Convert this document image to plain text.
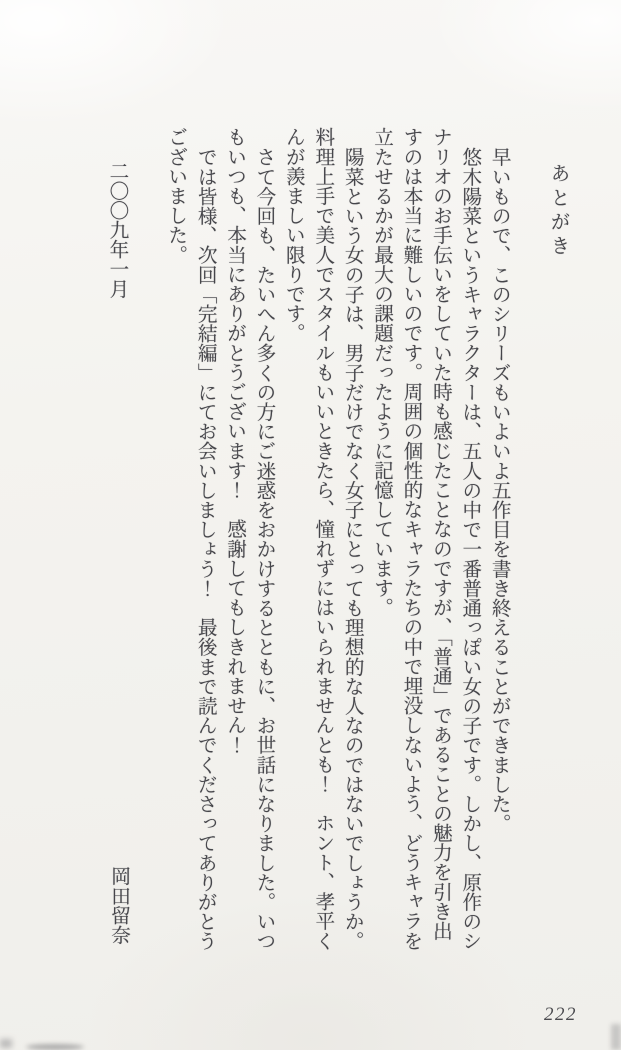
あとがき

早いもので、このシリーズもいよいよ五作目を書き終えることができました。

悠木陽菜というキャラクターは、五人の中で一番普通っぽい女の子です。しかし、原作のシナリオのお手伝いをしていた時も感じたことなのですが、「普通」であることの魅力を引き出すのは本当に難しいのです。周囲の個性的なキャラたちの中で埋没しないよう、どうキャラを立たせるかが最大の課題だったように記憶しています。

陽菜という女の子は、男子だけでなく女子にとっても理想的な人なのではないでしょうか。料理上手で美人でスタイルもいいときたら、憧れずにはいられませんとも！　ホント、孝平くんが羨ましい限りです。

さて今回も、たいへん多くの方にご迷惑をおかけするとともに、お世話になりました。いつもいつも、本当にありがとうございます！　感謝してもしきれません！

では皆様、次回「完結編」にてお会いしましょう！　最後まで読んでくださってありがとうございました。

二〇〇九年一月

岡田留奈
222
